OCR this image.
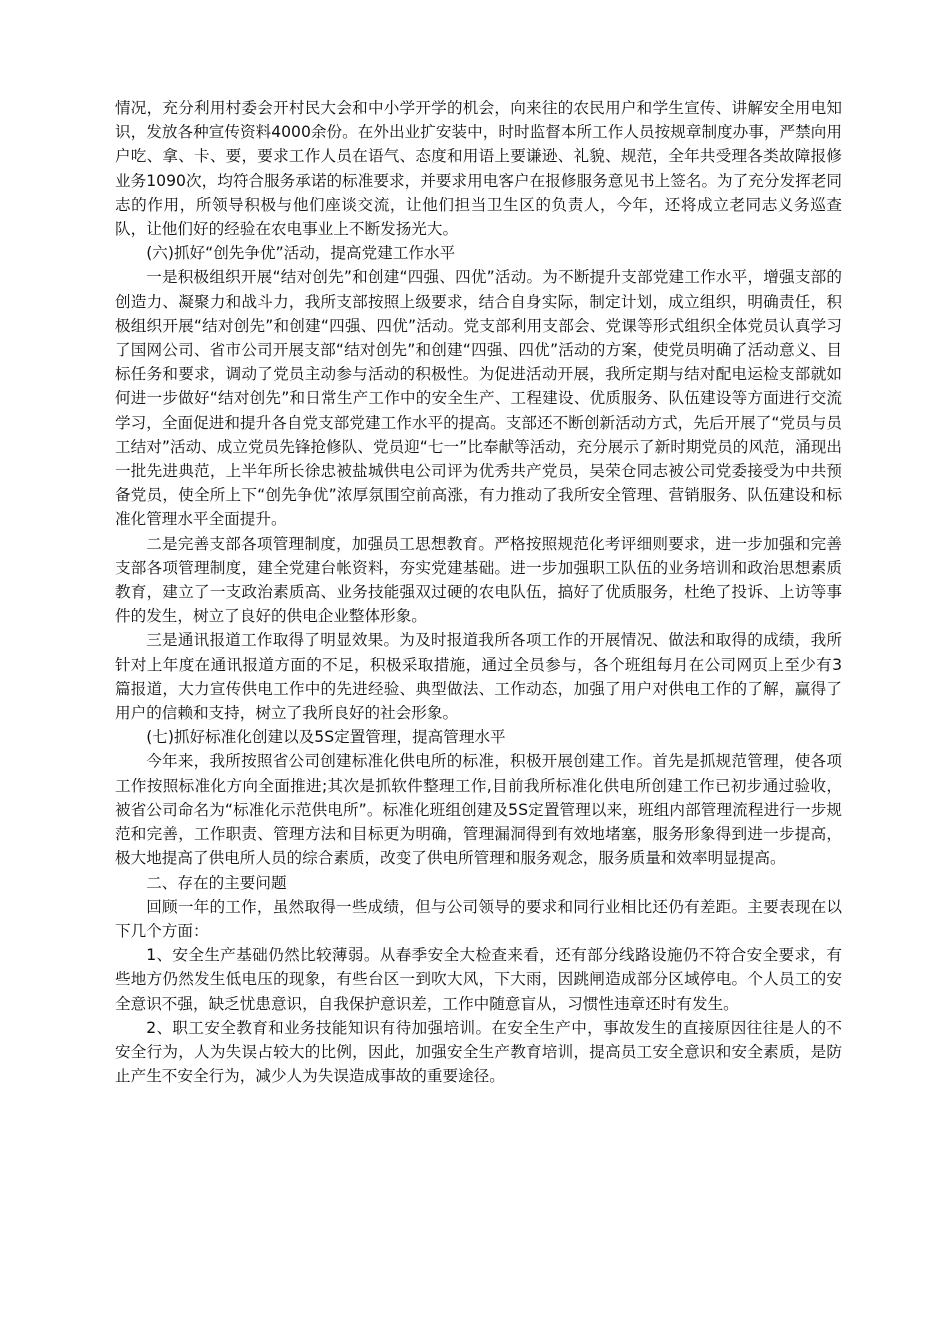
情况，充分利用村委会开村民大会和中小学开学的机会，向来往的农民用户和学生宣传、讲解安全用电知识，发放各种宣传资料4000余份。在外出业扩安装中，时时监督本所工作人员按规章制度办事，严禁向用户吃、拿、卡、要，要求工作人员在语气、态度和用语上要谦逊、礼貌、规范，全年共受理各类故障报修业务1090次，均符合服务承诺的标准要求，并要求用电客户在报修服务意见书上签名。为了充分发挥老同志的作用，所领导积极与他们座谈交流，让他们担当卫生区的负责人，今年，还将成立老同志义务巡查队，让他们好的经验在农电事业上不断发扬光大。

(六)抓好“创先争优”活动，提高党建工作水平

一是积极组织开展“结对创先”和创建“四强、四优”活动。为不断提升支部党建工作水平，增强支部的创造力、凝聚力和战斗力，我所支部按照上级要求，结合自身实际，制定计划，成立组织，明确责任，积极组织开展“结对创先”和创建“四强、四优”活动。党支部利用支部会、党课等形式组织全体党员认真学习了国网公司、省市公司开展支部“结对创先”和创建“四强、四优”活动的方案，使党员明确了活动意义、目标任务和要求，调动了党员主动参与活动的积极性。为促进活动开展，我所定期与结对配电运检支部就如何进一步做好“结对创先”和日常生产工作中的安全生产、工程建设、优质服务、队伍建设等方面进行交流学习，全面促进和提升各自党支部党建工作水平的提高。支部还不断创新活动方式，先后开展了“党员与员工结对”活动、成立党员先锋抢修队、党员迎“七一”比奉献等活动，充分展示了新时期党员的风范，涌现出一批先进典范，上半年所长徐忠被盐城供电公司评为优秀共产党员，吴荣仓同志被公司党委接受为中共预备党员，使全所上下“创先争优”浓厚氛围空前高涨，有力推动了我所安全管理、营销服务、队伍建设和标准化管理水平全面提升。

二是完善支部各项管理制度，加强员工思想教育。严格按照规范化考评细则要求，进一步加强和完善支部各项管理制度，建全党建台帐资料，夯实党建基础。进一步加强职工队伍的业务培训和政治思想素质教育，建立了一支政治素质高、业务技能强双过硬的农电队伍，搞好了优质服务，杜绝了投诉、上访等事件的发生，树立了良好的供电企业整体形象。

三是通讯报道工作取得了明显效果。为及时报道我所各项工作的开展情况、做法和取得的成绩，我所针对上年度在通讯报道方面的不足，积极采取措施，通过全员参与，各个班组每月在公司网页上至少有3篇报道，大力宣传供电工作中的先进经验、典型做法、工作动态，加强了用户对供电工作的了解，赢得了用户的信赖和支持，树立了我所良好的社会形象。

(七)抓好标准化创建以及5S定置管理，提高管理水平

今年来，我所按照省公司创建标准化供电所的标准，积极开展创建工作。首先是抓规范管理，使各项工作按照标准化方向全面推进;其次是抓软件整理工作,目前我所标准化供电所创建工作已初步通过验收，被省公司命名为“标准化示范供电所”。标准化班组创建及5S定置管理以来，班组内部管理流程进行一步规范和完善，工作职责、管理方法和目标更为明确，管理漏洞得到有效地堵塞，服务形象得到进一步提高，极大地提高了供电所人员的综合素质，改变了供电所管理和服务观念，服务质量和效率明显提高。

二、存在的主要问题

回顾一年的工作，虽然取得一些成绩，但与公司领导的要求和同行业相比还仍有差距。主要表现在以下几个方面：

1、安全生产基础仍然比较薄弱。从春季安全大检查来看，还有部分线路设施仍不符合安全要求，有些地方仍然发生低电压的现象，有些台区一到吹大风，下大雨，因跳闸造成部分区域停电。个人员工的安全意识不强，缺乏忧患意识，自我保护意识差，工作中随意盲从，习惯性违章还时有发生。

2、职工安全教育和业务技能知识有待加强培训。在安全生产中，事故发生的直接原因往往是人的不安全行为，人为失误占较大的比例，因此，加强安全生产教育培训，提高员工安全意识和安全素质，是防止产生不安全行为，减少人为失误造成事故的重要途径。
